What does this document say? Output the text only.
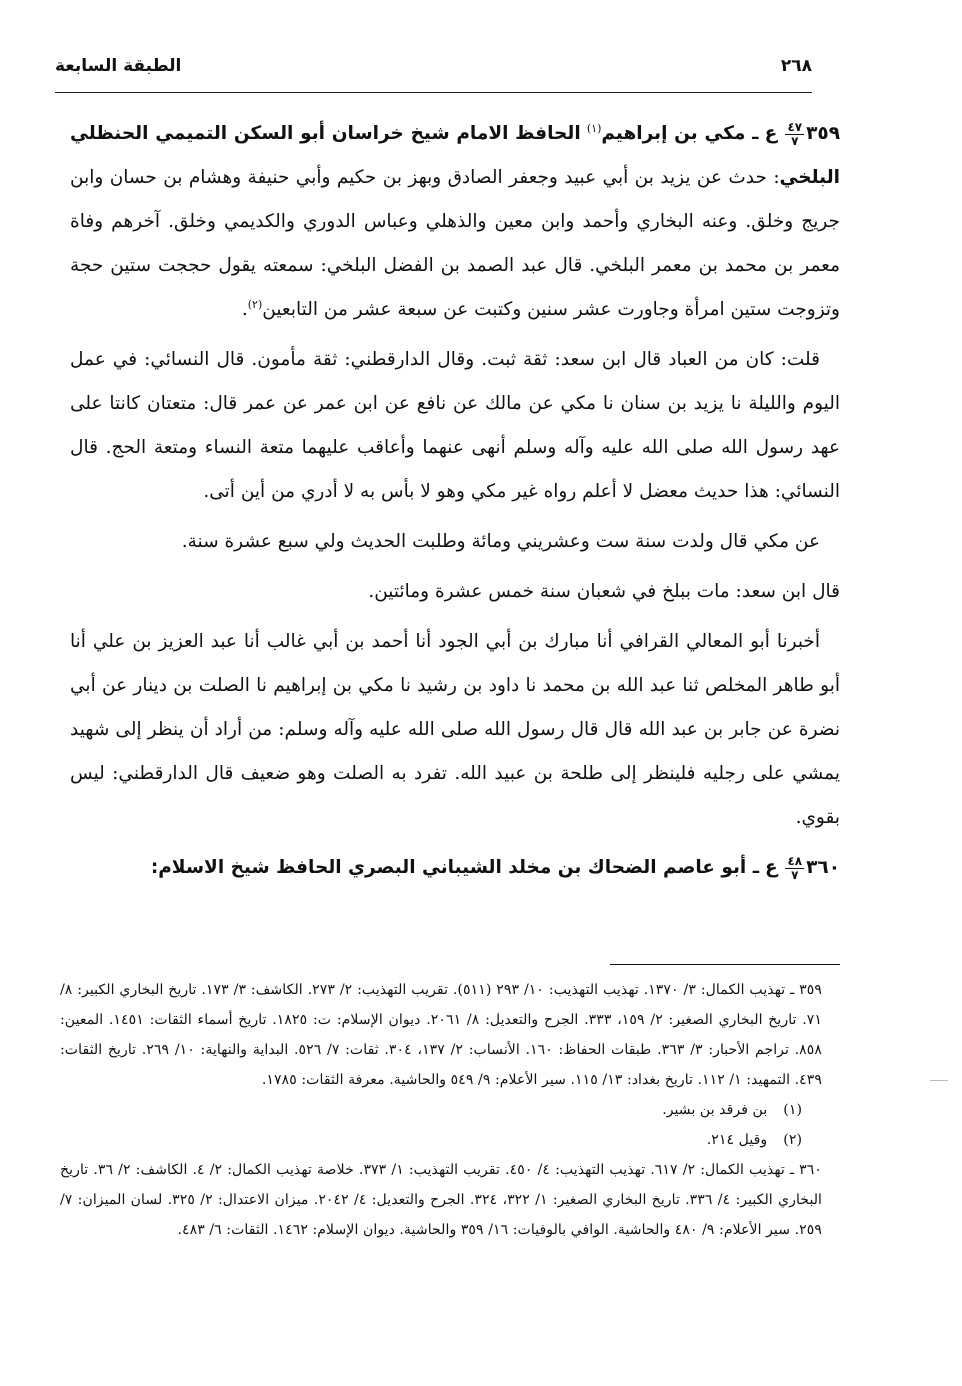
٢٦٨
الطبقة السابعة

٣٥٩
$\frac{٤٧}{٧}$
ع ـ مكي بن إبراهيم$^{(١)}$ الحافظ الامام شيخ خراسان أبو السكن التميمي الحنظلي البلخي: حدث عن يزيد بن أبي عبيد وجعفر الصادق وبهز بن حكيم وأبي حنيفة وهشام بن حسان وابن جريج وخلق. وعنه البخاري وأحمد وابن معين والذهلي وعباس الدوري والكديمي وخلق. آخرهم وفاة معمر بن محمد بن معمر البلخي. قال عبد الصمد بن الفضل البلخي: سمعته يقول حججت ستين حجة وتزوجت ستين امرأة وجاورت عشر سنين وكتبت عن سبعة عشر من التابعين$^{(٢)}$.

قلت: كان من العباد قال ابن سعد: ثقة ثبت. وقال الدارقطني: ثقة مأمون. قال النسائي: في عمل اليوم والليلة نا يزيد بن سنان نا مكي عن مالك عن نافع عن ابن عمر عن عمر قال: متعتان كانتا على عهد رسول الله صلى الله عليه وآله وسلم أنهى عنهما وأعاقب عليهما متعة النساء ومتعة الحج. قال النسائي: هذا حديث معضل لا أعلم رواه غير مكي وهو لا بأس به لا أدري من أين أتى.

عن مكي قال ولدت سنة ست وعشريني ومائة وطلبت الحديث ولي سبع عشرة سنة.

قال ابن سعد: مات ببلخ في شعبان سنة خمس عشرة ومائتين.

أخبرنا أبو المعالي القرافي أنا مبارك بن أبي الجود أنا أحمد بن أبي غالب أنا عبد العزيز بن علي أنا أبو طاهر المخلص ثنا عبد الله بن محمد نا داود بن رشيد نا مكي بن إبراهيم نا الصلت بن دينار عن أبي نضرة عن جابر بن عبد الله قال قال رسول الله صلى الله عليه وآله وسلم: من أراد أن ينظر إلى شهيد يمشي على رجليه فلينظر إلى طلحة بن عبيد الله. تفرد به الصلت وهو ضعيف قال الدارقطني: ليس بقوي.

٣٦٠
$\frac{٤٨}{٧}$
ع ـ أبو عاصم الضحاك بن مخلد الشيباني البصري الحافظ شيخ الاسلام:

٣٥٩ ـ تهذيب الكمال: ٣/ ١٣٧٠. تهذيب التهذيب: ١٠/ ٢٩٣ (٥١١). تقريب التهذيب: ٢/ ٢٧٣. الكاشف: ٣/ ١٧٣. تاريخ البخاري الكبير: ٨/ ٧١. تاريخ البخاري الصغير: ٢/ ١٥٩، ٣٣٣. الجرح والتعديل: ٨/ ٢٠٦١. ديوان الإسلام: ت: ١٨٢٥. تاريخ أسماء الثقات: ١٤٥١. المعين: ٨٥٨. تراجم الأحبار: ٣/ ٣٦٣. طبقات الحفاظ: ١٦٠. الأنساب: ٢/ ١٣٧، ٣٠٤. ثقات: ٧/ ٥٢٦. البداية والنهاية: ١٠/ ٢٦٩. تاريخ الثقات: ٤٣٩. التمهيد: ١/ ١١٢. تاريخ بغداد: ١٣/ ١١٥. سير الأعلام: ٩/ ٥٤٩ والحاشية. معرفة الثقات: ١٧٨٥.

(١)
بن فرقد بن بشير.

(٢)
وقيل ٢١٤.

٣٦٠ ـ تهذيب الكمال: ٢/ ٦١٧. تهذيب التهذيب: ٤/ ٤٥٠. تقريب التهذيب: ١/ ٣٧٣. خلاصة تهذيب الكمال: ٢/ ٤. الكاشف: ٢/ ٣٦. تاريخ البخاري الكبير: ٤/ ٣٣٦. تاريخ البخاري الصغير: ١/ ٣٢٢، ٣٢٤. الجرح والتعديل: ٤/ ٢٠٤٢. ميزان الاعتدال: ٢/ ٣٢٥. لسان الميزان: ٧/ ٢٥٩. سير الأعلام: ٩/ ٤٨٠ والحاشية. الوافي بالوفيات: ١٦/ ٣٥٩ والحاشية. ديوان الإسلام: ١٤٦٢. الثقات: ٦/ ٤٨٣.
